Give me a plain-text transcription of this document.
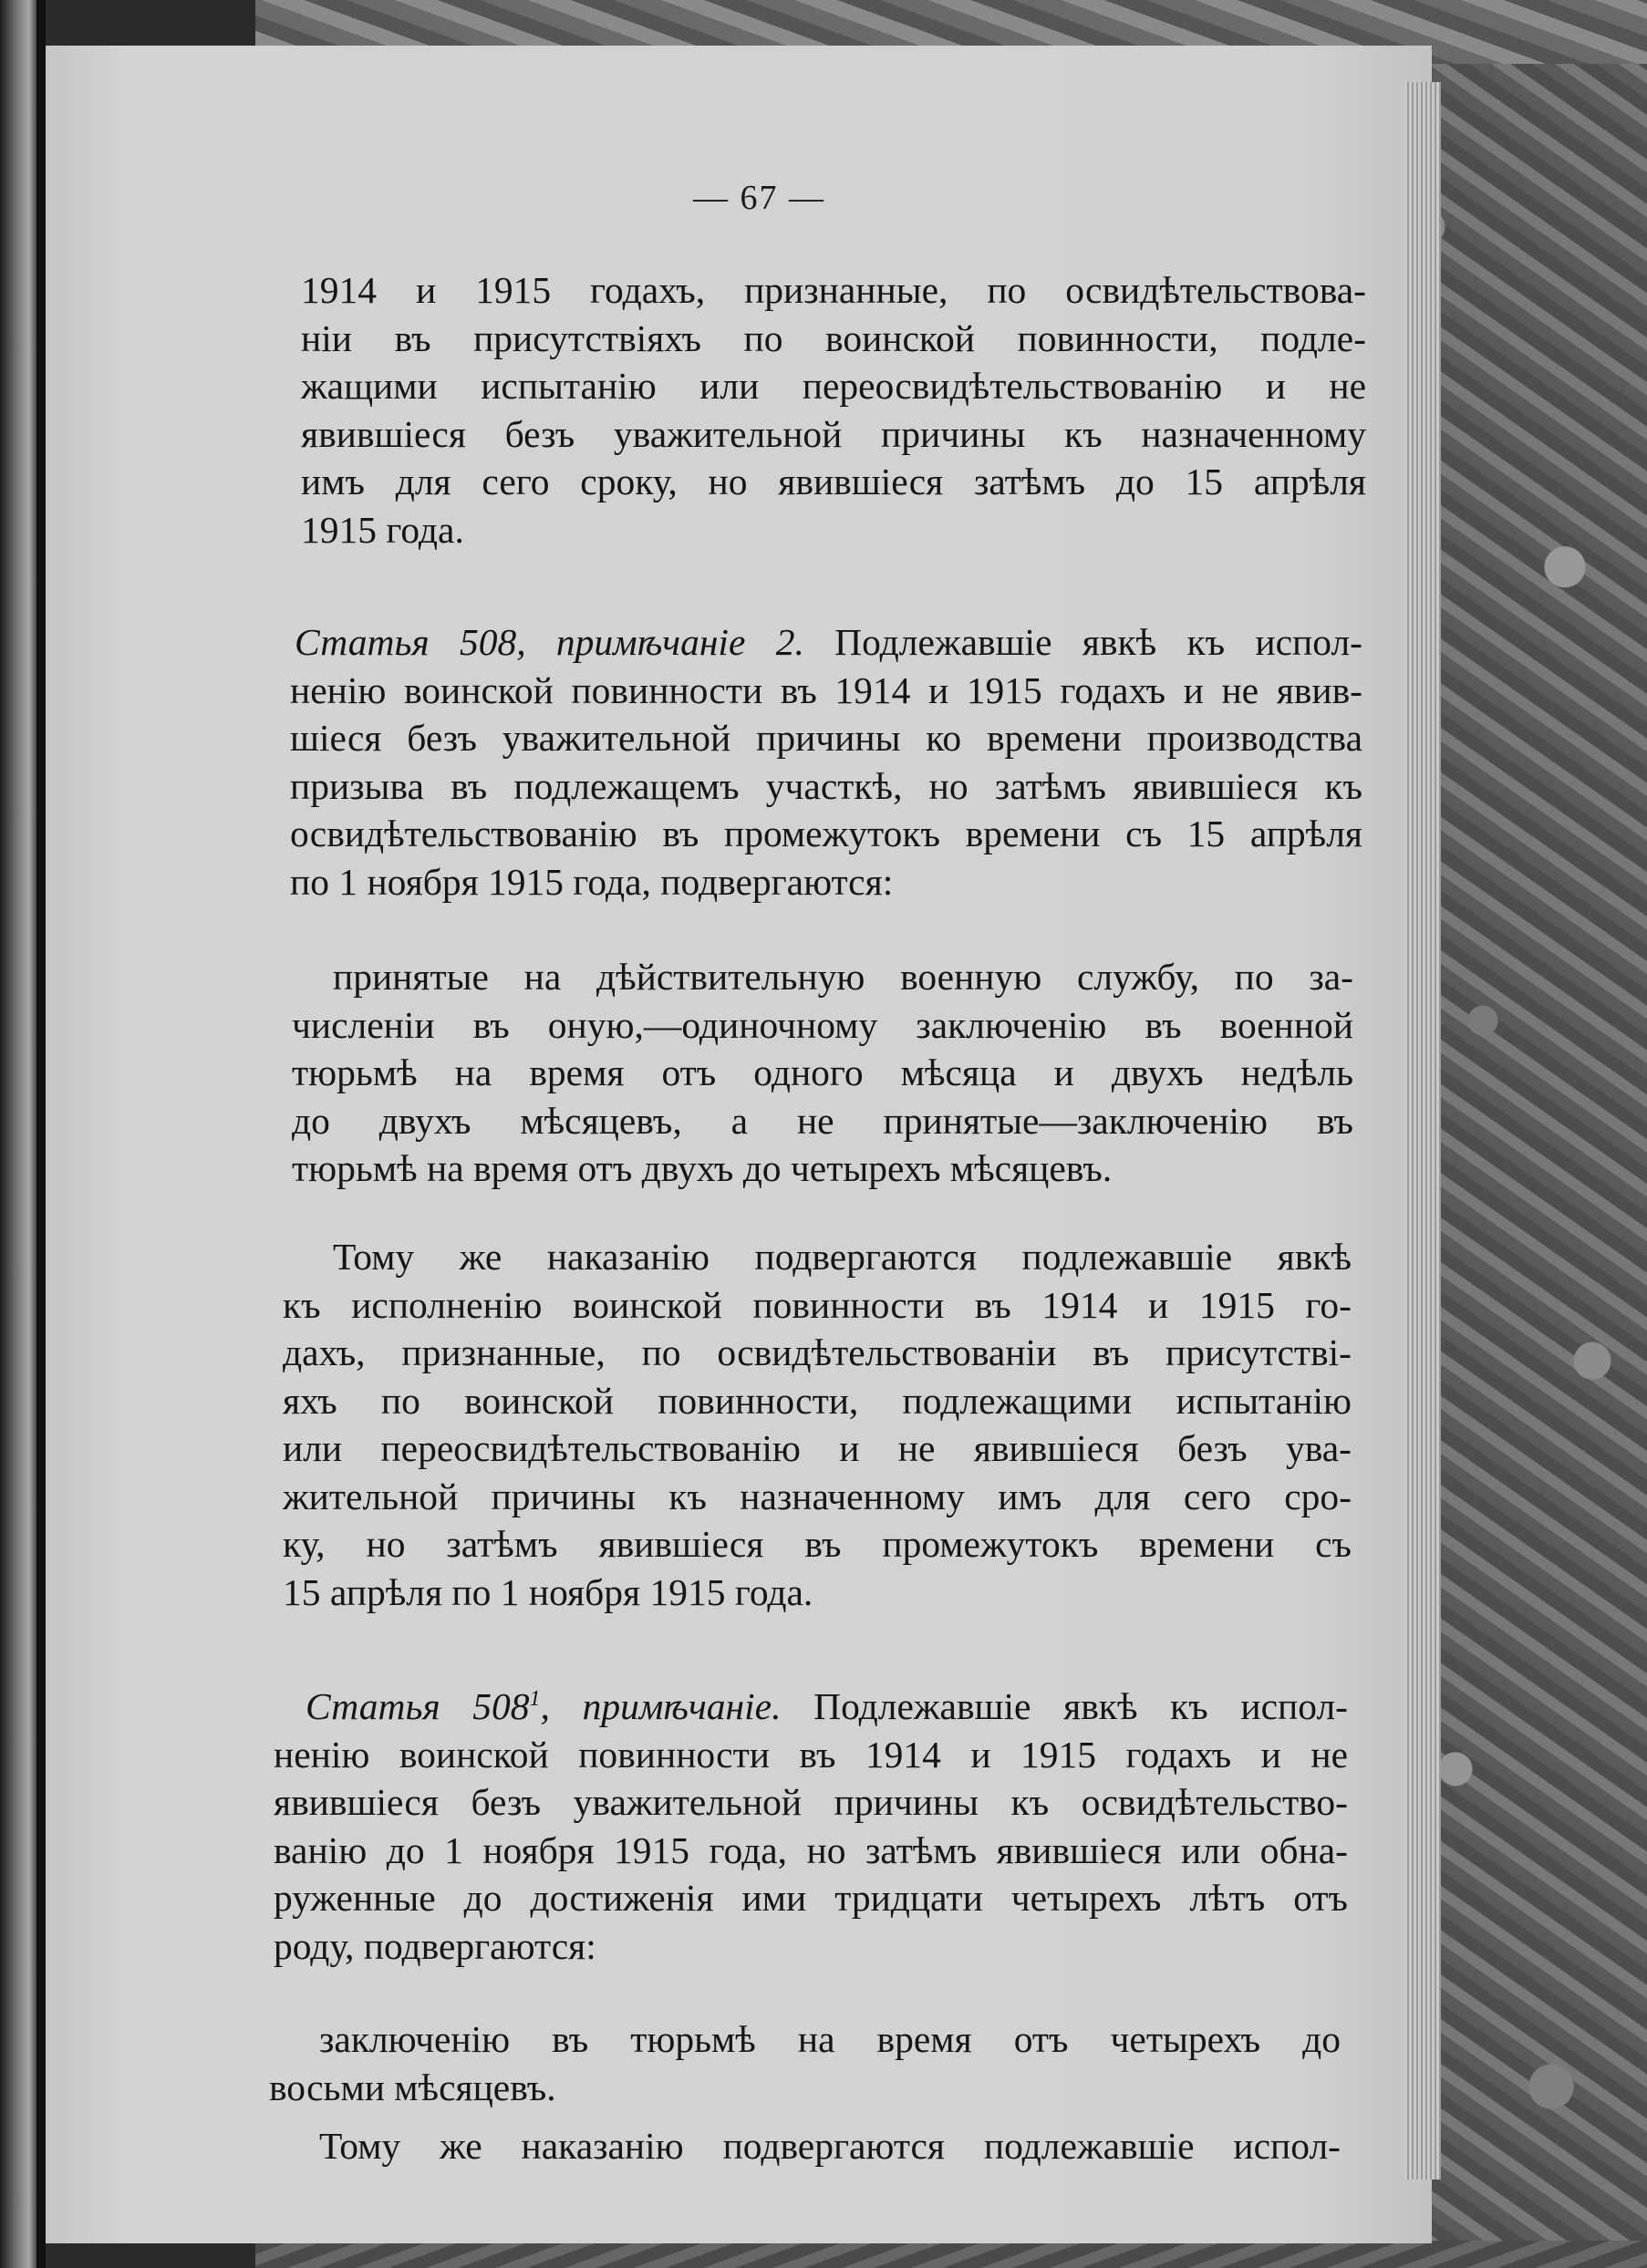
— 67 —
1914 и 1915 годахъ, признанные, по освидѣтельствова-
ніи въ присутствіяхъ по воинской повинности, подле-
жащими испытанію или переосвидѣтельствованію и не
явившіеся безъ уважительной причины къ назначенному
имъ для сего сроку, но явившіеся затѣмъ до 15 апрѣля
1915 года.
Статья 508, примѣчаніе 2. Подлежавшіе явкѣ къ испол-
ненію воинской повинности въ 1914 и 1915 годахъ и не явив-
шіеся безъ уважительной причины ко времени производства
призыва въ подлежащемъ участкѣ, но затѣмъ явившіеся къ
освидѣтельствованію въ промежутокъ времени съ 15 апрѣля
по 1 ноября 1915 года, подвергаются:
принятые на дѣйствительную военную службу, по за-
численіи въ оную,—одиночному заключенію въ военной
тюрьмѣ на время отъ одного мѣсяца и двухъ недѣль
до двухъ мѣсяцевъ, а не принятые—заключенію въ
тюрьмѣ на время отъ двухъ до четырехъ мѣсяцевъ.
Тому же наказанію подвергаются подлежавшіе явкѣ
къ исполненію воинской повинности въ 1914 и 1915 го-
дахъ, признанные, по освидѣтельствованіи въ присутстві-
яхъ по воинской повинности, подлежащими испытанію
или переосвидѣтельствованію и не явившіеся безъ ува-
жительной причины къ назначенному имъ для сего сро-
ку, но затѣмъ явившіеся въ промежутокъ времени съ
15 апрѣля по 1 ноября 1915 года.
Статья $508^1$, примѣчаніе. Подлежавшіе явкѣ къ испол-
ненію воинской повинности въ 1914 и 1915 годахъ и не
явившіеся безъ уважительной причины къ освидѣтельство-
ванію до 1 ноября 1915 года, но затѣмъ явившіеся или обна-
руженные до достиженія ими тридцати четырехъ лѣтъ отъ
роду, подвергаются:
заключенію въ тюрьмѣ на время отъ четырехъ до
восьми мѣсяцевъ.
Тому же наказанію подвергаются подлежавшіе испол-
